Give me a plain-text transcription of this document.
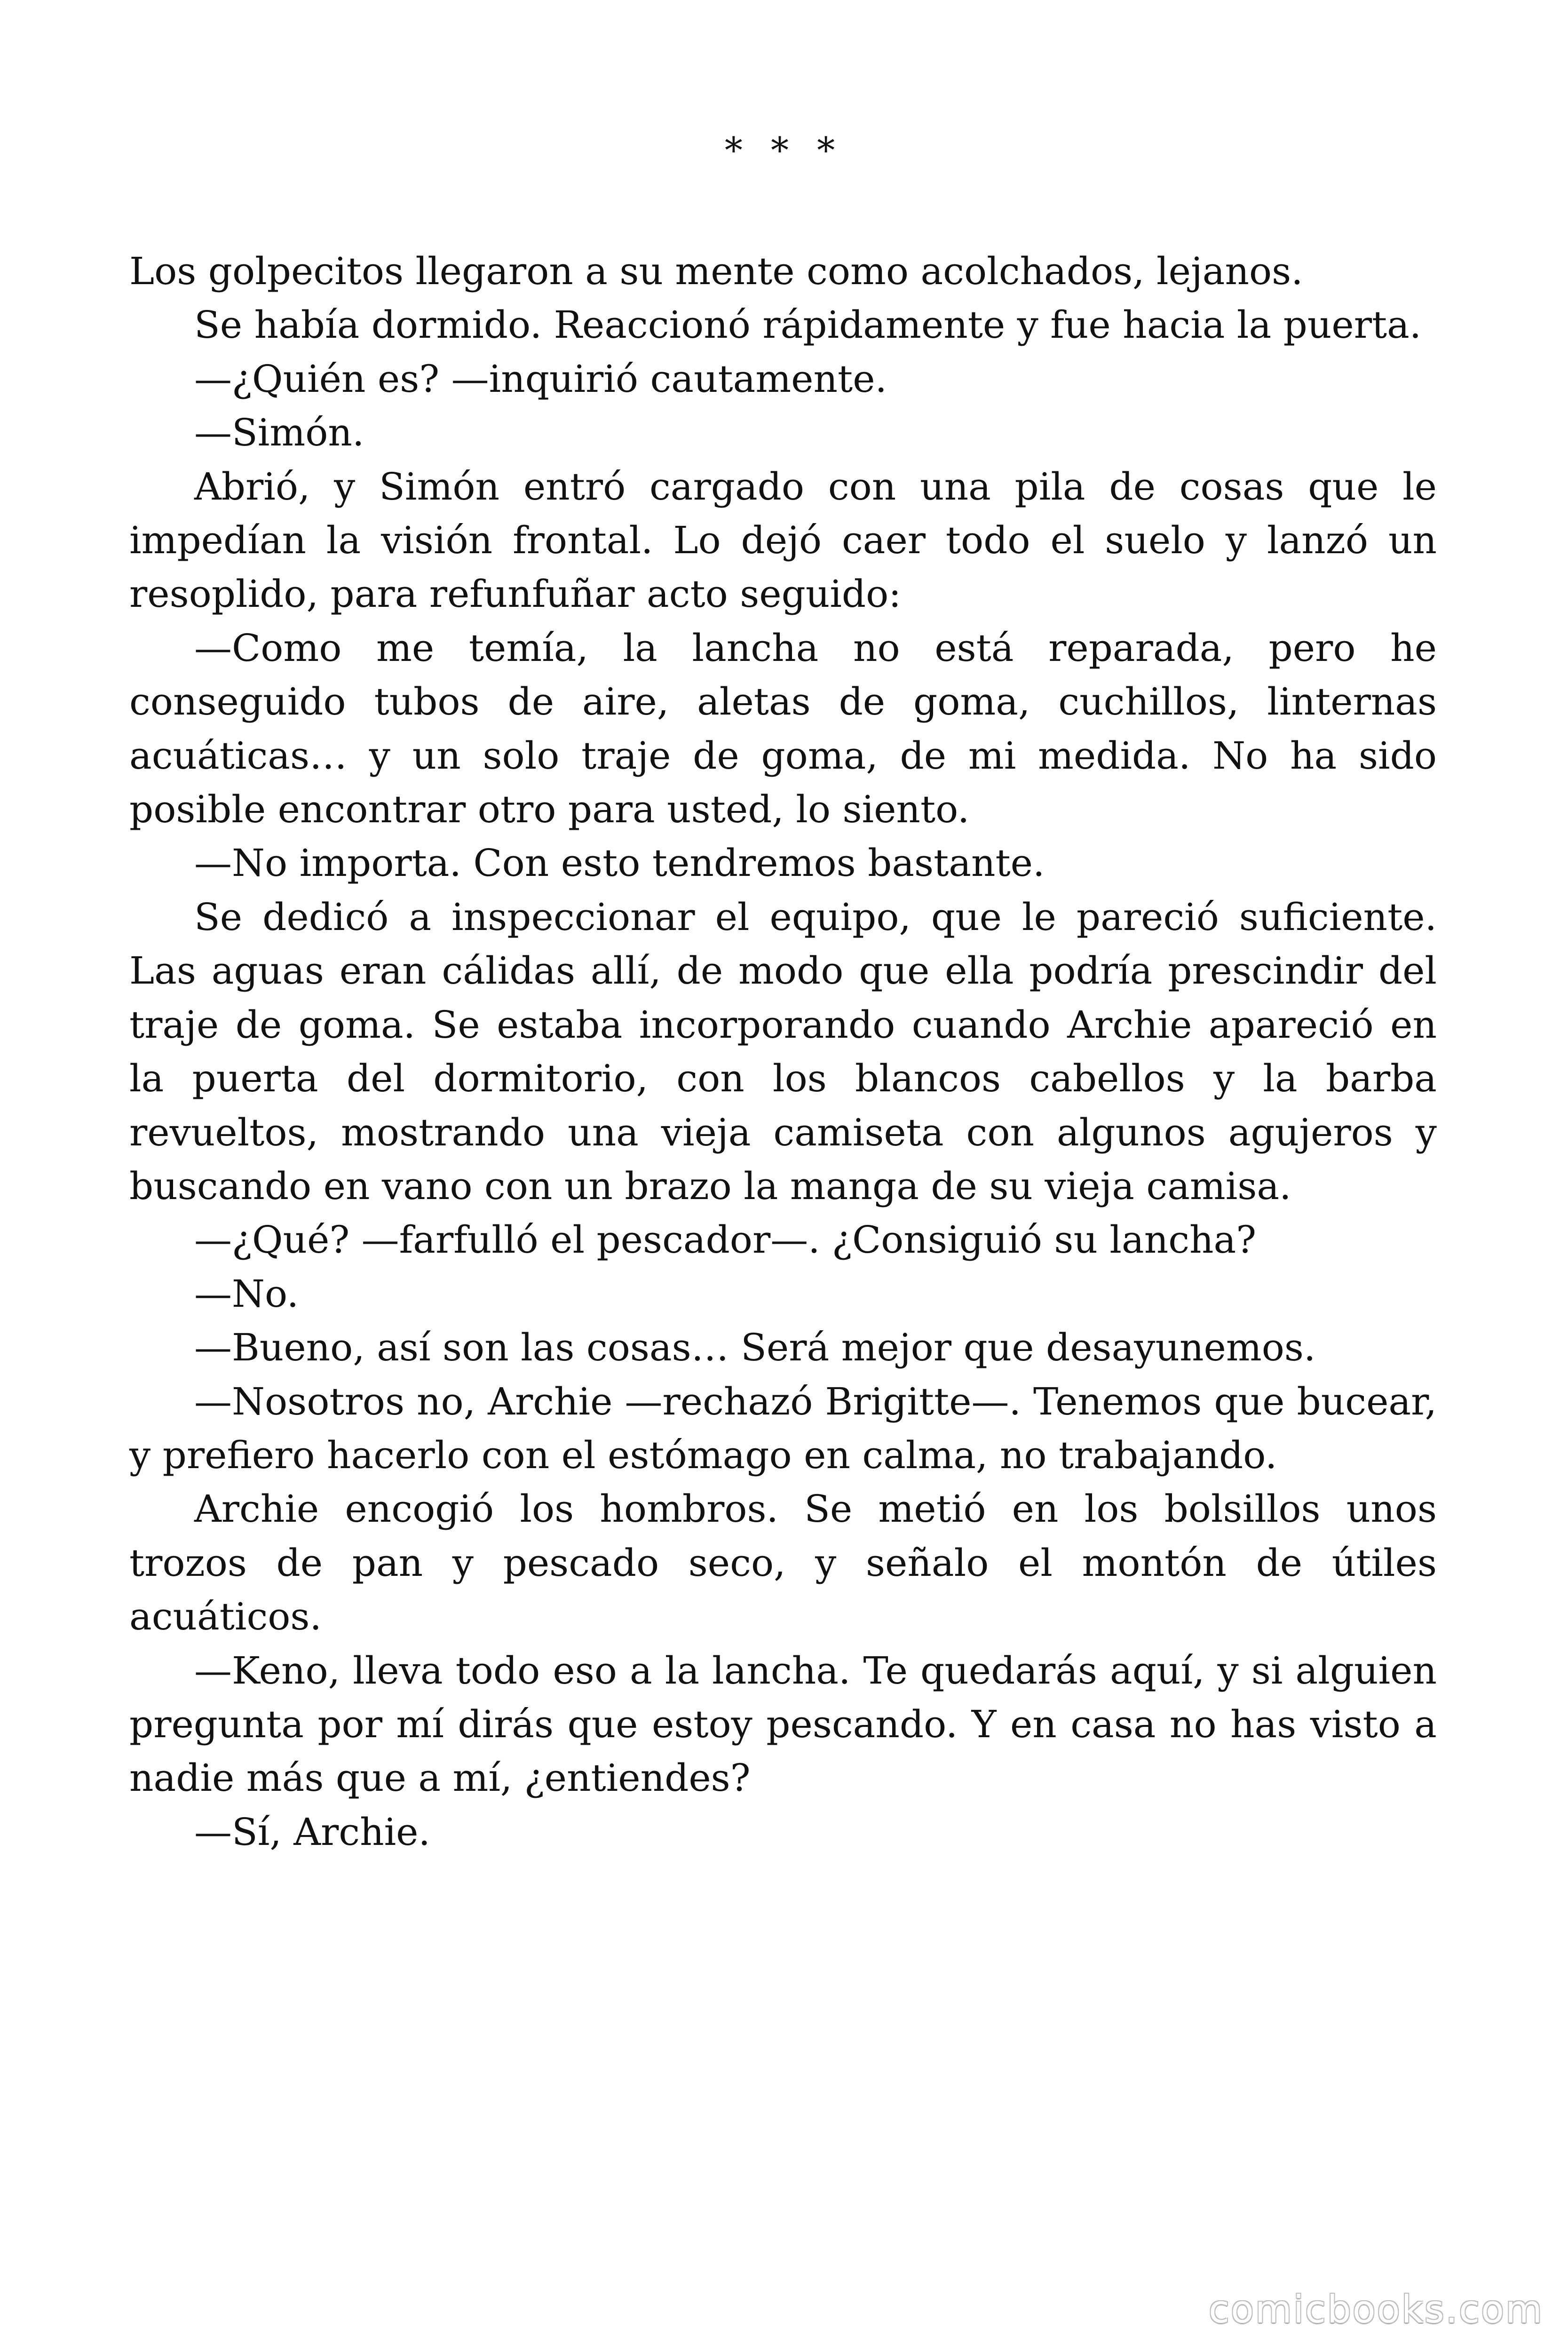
* * *

Los golpecitos llegaron a su mente como acolchados, lejanos.

Se había dormido. Reaccionó rápidamente y fue hacia la puerta.

—¿Quién es? —inquirió cautamente.

—Simón.

Abrió, y Simón entró cargado con una pila de cosas que le impedían la visión frontal. Lo dejó caer todo el suelo y lanzó un resoplido, para refunfuñar acto seguido:

—Como me temía, la lancha no está reparada, pero he conseguido tubos de aire, aletas de goma, cuchillos, linternas acuáticas… y un solo traje de goma, de mi medida. No ha sido posible encontrar otro para usted, lo siento.

—No importa. Con esto tendremos bastante.

Se dedicó a inspeccionar el equipo, que le pareció suficiente. Las aguas eran cálidas allí, de modo que ella podría prescindir del traje de goma. Se estaba incorporando cuando Archie apareció en la puerta del dormitorio, con los blancos cabellos y la barba revueltos, mostrando una vieja camiseta con algunos agujeros y buscando en vano con un brazo la manga de su vieja camisa.

—¿Qué? —farfulló el pescador—. ¿Consiguió su lancha?

—No.

—Bueno, así son las cosas… Será mejor que desayunemos.

—Nosotros no, Archie —rechazó Brigitte—. Tenemos que bucear, y prefiero hacerlo con el estómago en calma, no trabajando.

Archie encogió los hombros. Se metió en los bolsillos unos trozos de pan y pescado seco, y señalo el montón de útiles acuáticos.

—Keno, lleva todo eso a la lancha. Te quedarás aquí, y si alguien pregunta por mí dirás que estoy pescando. Y en casa no has visto a nadie más que a mí, ¿entiendes?

—Sí, Archie.

comicbooks.com
